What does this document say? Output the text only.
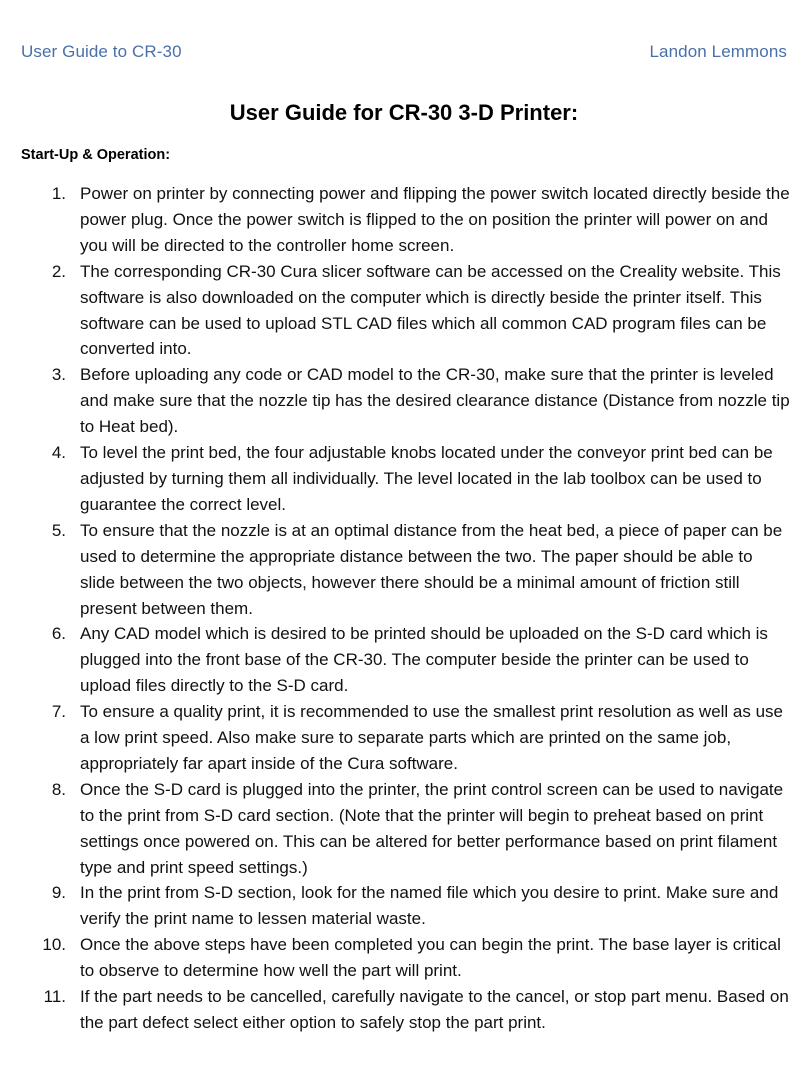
User Guide to CR-30	Landon Lemmons
User Guide for CR-30 3-D Printer:
Start-Up & Operation:
1. Power on printer by connecting power and flipping the power switch located directly beside the power plug. Once the power switch is flipped to the on position the printer will power on and you will be directed to the controller home screen.
2. The corresponding CR-30 Cura slicer software can be accessed on the Creality website. This software is also downloaded on the computer which is directly beside the printer itself. This software can be used to upload STL CAD files which all common CAD program files can be converted into.
3. Before uploading any code or CAD model to the CR-30, make sure that the printer is leveled and make sure that the nozzle tip has the desired clearance distance (Distance from nozzle tip to Heat bed).
4. To level the print bed, the four adjustable knobs located under the conveyor print bed can be adjusted by turning them all individually. The level located in the lab toolbox can be used to guarantee the correct level.
5. To ensure that the nozzle is at an optimal distance from the heat bed, a piece of paper can be used to determine the appropriate distance between the two. The paper should be able to slide between the two objects, however there should be a minimal amount of friction still present between them.
6. Any CAD model which is desired to be printed should be uploaded on the S-D card which is plugged into the front base of the CR-30. The computer beside the printer can be used to upload files directly to the S-D card.
7. To ensure a quality print, it is recommended to use the smallest print resolution as well as use a low print speed. Also make sure to separate parts which are printed on the same job, appropriately far apart inside of the Cura software.
8. Once the S-D card is plugged into the printer, the print control screen can be used to navigate to the print from S-D card section. (Note that the printer will begin to preheat based on print settings once powered on. This can be altered for better performance based on print filament type and print speed settings.)
9. In the print from S-D section, look for the named file which you desire to print. Make sure and verify the print name to lessen material waste.
10. Once the above steps have been completed you can begin the print. The base layer is critical to observe to determine how well the part will print.
11. If the part needs to be cancelled, carefully navigate to the cancel, or stop part menu. Based on the part defect select either option to safely stop the part print.
